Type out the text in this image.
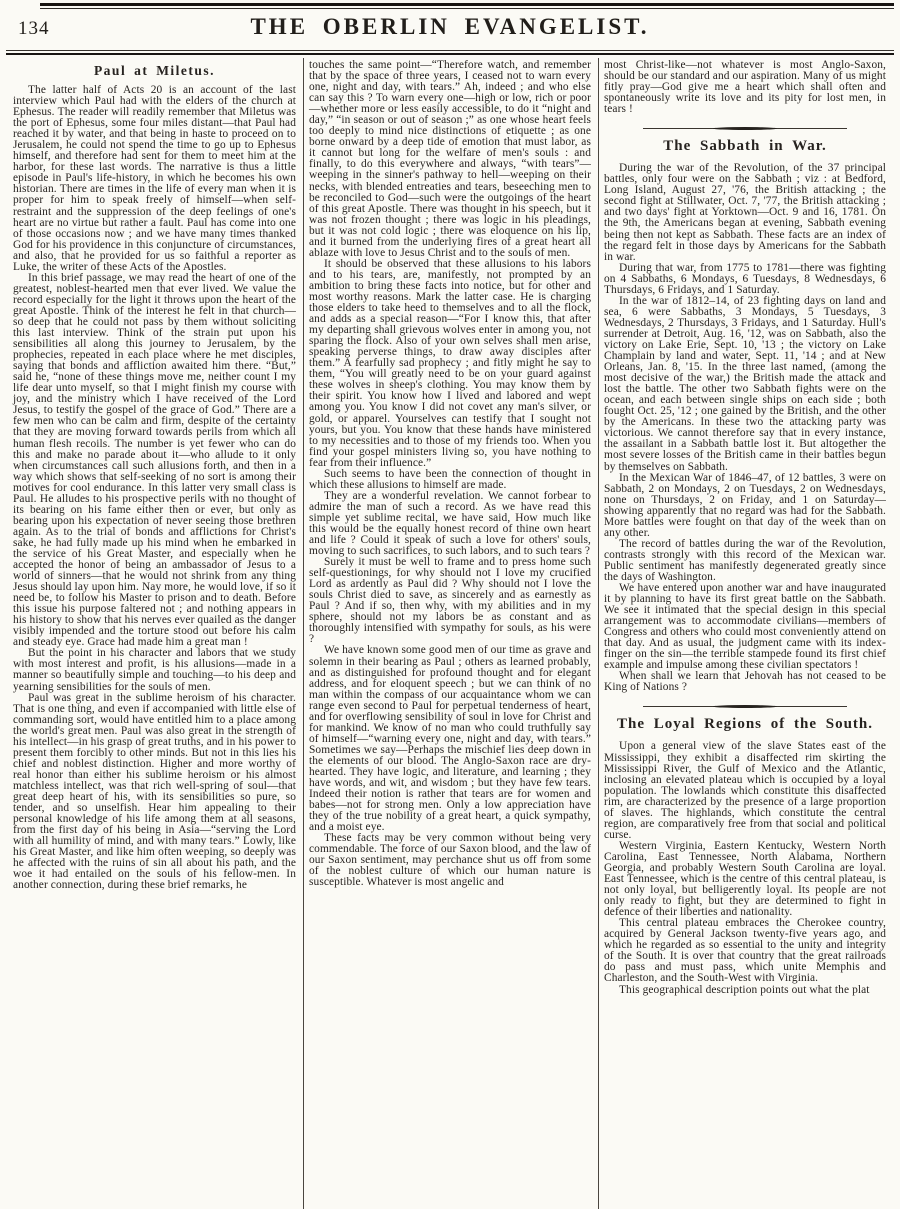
134	THE OBERLIN EVANGELIST.
Paul at Miletus.

The latter half of Acts 20 is an account of the last interview which Paul had with the elders of the church at Ephesus. The reader will readily remember that Miletus was the port of Ephesus, some four miles distant—that Paul had reached it by water, and that being in haste to proceed on to Jerusalem, he could not spend the time to go up to Ephesus himself, and therefore had sent for them to meet him at the harbor, for these last words. The narrative is thus a little episode in Paul's life-history, in which he becomes his own historian. There are times in the life of every man when it is proper for him to speak freely of himself—when self-restraint and the suppression of the deep feelings of one's heart are no virtue but rather a fault. Paul has come into one of those occasions now ; and we have many times thanked God for his providence in this conjuncture of circumstances, and also, that he provided for us so faithful a reporter as Luke, the writer of these Acts of the Apostles.

In this brief passage, we may read the heart of one of the greatest, noblest-hearted men that ever lived. We value the record especially for the light it throws upon the heart of the great Apostle. Think of the interest he felt in that church—so deep that he could not pass by them without soliciting this last interview. Think of the strain put upon his sensibilities all along this journey to Jerusalem, by the prophecies, repeated in each place where he met disciples, saying that bonds and affliction awaited him there. “But,” said he, “none of these things move me, neither count I my life dear unto myself, so that I might finish my course with joy, and the ministry which I have received of the Lord Jesus, to testify the gospel of the grace of God.” There are a few men who can be calm and firm, despite of the certainty that they are moving forward towards perils from which all human flesh recoils. The number is yet fewer who can do this and make no parade about it—who allude to it only when circumstances call such allusions forth, and then in a way which shows that self-seeking of no sort is among their motives for cool endurance. In this latter very small class is Paul. He alludes to his prospective perils with no thought of its bearing on his fame either then or ever, but only as bearing upon his expectation of never seeing those brethren again. As to the trial of bonds and afflictions for Christ's sake, he had fully made up his mind when he embarked in the service of his Great Master, and especially when he accepted the honor of being an ambassador of Jesus to a world of sinners—that he would not shrink from any thing Jesus should lay upon him. Nay more, he would love, if so it need be, to follow his Master to prison and to death. Before this issue his purpose faltered not ; and nothing appears in his history to show that his nerves ever quailed as the danger visibly impended and the torture stood out before his calm and steady eye. Grace had made him a great man !

But the point in his character and labors that we study with most interest and profit, is his allusions—made in a manner so beautifully simple and touching—to his deep and yearning sensibilities for the souls of men.

Paul was great in the sublime heroism of his character. That is one thing, and even if accompanied with little else of commanding sort, would have entitled him to a place among the world's great men. Paul was also great in the strength of his intellect—in his grasp of great truths, and in his power to present them forcibly to other minds. But not in this lies his chief and noblest distinction. Higher and more worthy of real honor than either his sublime heroism or his almost matchless intellect, was that rich well-spring of soul—that great deep heart of his, with its sensibilities so pure, so tender, and so unselfish. Hear him appealing to their personal knowledge of his life among them at all seasons, from the first day of his being in Asia—“serving the Lord with all humility of mind, and with many tears.” Lowly, like his Great Master, and like him often weeping, so deeply was he affected with the ruins of sin all about his path, and the woe it had entailed on the souls of his fellow-men. In another connection, during these brief remarks, he

touches the same point—“Therefore watch, and remember that by the space of three years, I ceased not to warn every one, night and day, with tears.” Ah, indeed ; and who else can say this ? To warn every one—high or low, rich or poor—whether more or less easily accessible, to do it “night and day,” “in season or out of season ;” as one whose heart feels too deeply to mind nice distinctions of etiquette ; as one borne onward by a deep tide of emotion that must labor, as it cannot but long for the welfare of men's souls : and finally, to do this everywhere and always, “with tears”—weeping in the sinner's pathway to hell—weeping on their necks, with blended entreaties and tears, beseeching men to be reconciled to God—such were the outgoings of the heart of this great Apostle. There was thought in his speech, but it was not frozen thought ; there was logic in his pleadings, but it was not cold logic ; there was eloquence on his lip, and it burned from the underlying fires of a great heart all ablaze with love to Jesus Christ and to the souls of men.

It should be observed that these allusions to his labors and to his tears, are, manifestly, not prompted by an ambition to bring these facts into notice, but for other and most worthy reasons. Mark the latter case. He is charging those elders to take heed to themselves and to all the flock, and adds as a special reason—“For I know this, that after my departing shall grievous wolves enter in among you, not sparing the flock. Also of your own selves shall men arise, speaking perverse things, to draw away disciples after them.” A fearfully sad prophecy ; and fitly might he say to them, “You will greatly need to be on your guard against these wolves in sheep's clothing. You may know them by their spirit. You know how I lived and labored and wept among you. You know I did not covet any man's silver, or gold, or apparel. Yourselves can testify that I sought not yours, but you. You know that these hands have ministered to my necessities and to those of my friends too. When you find your gospel ministers living so, you have nothing to fear from their influence.”

Such seems to have been the connection of thought in which these allusions to himself are made.

They are a wonderful revelation. We cannot forbear to admire the man of such a record. As we have read this simple yet sublime recital, we have said, How much like this would be the equally honest record of thine own heart and life ? Could it speak of such a love for others' souls, moving to such sacrifices, to such labors, and to such tears ?

Surely it must be well to frame and to press home such self-questionings, for why should not I love my crucified Lord as ardently as Paul did ? Why should not I love the souls Christ died to save, as sincerely and as earnestly as Paul ? And if so, then why, with my abilities and in my sphere, should not my labors be as constant and as thoroughly intensified with sympathy for souls, as his were ?

We have known some good men of our time as grave and solemn in their bearing as Paul ; others as learned probably, and as distinguished for profound thought and for elegant address, and for eloquent speech ; but we can think of no man within the compass of our acquaintance whom we can range even second to Paul for perpetual tenderness of heart, and for overflowing sensibility of soul in love for Christ and for mankind. We know of no man who could truthfully say of himself—“warning every one, night and day, with tears.” Sometimes we say—Perhaps the mischief lies deep down in the elements of our blood. The Anglo-Saxon race are dry-hearted. They have logic, and literature, and learning ; they have words, and wit, and wisdom ; but they have few tears. Indeed their notion is rather that tears are for women and babes—not for strong men. Only a low appreciation have they of the true nobility of a great heart, a quick sympathy, and a moist eye.

These facts may be very common without being very commendable. The force of our Saxon blood, and the law of our Saxon sentiment, may perchance shut us off from some of the noblest culture of which our human nature is susceptible. Whatever is most angelic and

most Christ-like—not whatever is most Anglo-Saxon, should be our standard and our aspiration. Many of us might fitly pray—God give me a heart which shall often and spontaneously write its love and its pity for lost men, in tears !

The Sabbath in War.

During the war of the Revolution, of the 37 principal battles, only four were on the Sabbath ; viz : at Bedford, Long Island, August 27, '76, the British attacking ; the second fight at Stillwater, Oct. 7, '77, the British attacking ; and two days' fight at Yorktown—Oct. 9 and 16, 1781. On the 9th, the Americans began at evening, Sabbath evening being then not kept as Sabbath. These facts are an index of the regard felt in those days by Americans for the Sabbath in war.

During that war, from 1775 to 1781—there was fighting on 4 Sabbaths, 6 Mondays, 6 Tuesdays, 8 Wednesdays, 6 Thursdays, 6 Fridays, and 1 Saturday.

In the war of 1812–14, of 23 fighting days on land and sea, 6 were Sabbaths, 3 Mondays, 5 Tuesdays, 3 Wednesdays, 2 Thursdays, 3 Fridays, and 1 Saturday. Hull's surrender at Detroit, Aug. 16, '12, was on Sabbath, also the victory on Lake Erie, Sept. 10, '13 ; the victory on Lake Champlain by land and water, Sept. 11, '14 ; and at New Orleans, Jan. 8, '15. In the three last named, (among the most decisive of the war,) the British made the attack and lost the battle. The other two Sabbath fights were on the ocean, and each between single ships on each side ; both fought Oct. 25, '12 ; one gained by the British, and the other by the Americans. In these two the attacking party was victorious. We cannot therefore say that in every instance, the assailant in a Sabbath battle lost it. But altogether the most severe losses of the British came in their battles begun by themselves on Sabbath.

In the Mexican War of 1846–47, of 12 battles, 3 were on Sabbath, 2 on Mondays, 2 on Tuesdays, 2 on Wednesdays, none on Thursdays, 2 on Friday, and 1 on Saturday—showing apparently that no regard was had for the Sabbath. More battles were fought on that day of the week than on any other.

The record of battles during the war of the Revolution, contrasts strongly with this record of the Mexican war. Public sentiment has manifestly degenerated greatly since the days of Washington.

We have entered upon another war and have inaugurated it by planning to have its first great battle on the Sabbath. We see it intimated that the special design in this special arrangement was to accommodate civilians—members of Congress and others who could most conveniently attend on that day. And as usual, the judgment came with its index-finger on the sin—the terrible stampede found its first chief example and impulse among these civilian spectators !

When shall we learn that Jehovah has not ceased to be King of Nations ?

The Loyal Regions of the South.

Upon a general view of the slave States east of the Mississippi, they exhibit a disaffected rim skirting the Mississippi River, the Gulf of Mexico and the Atlantic, inclosing an elevated plateau which is occupied by a loyal population. The lowlands which constitute this disaffected rim, are characterized by the presence of a large proportion of slaves. The highlands, which constitute the central region, are comparatively free from that social and political curse.

Western Virginia, Eastern Kentucky, Western North Carolina, East Tennessee, North Alabama, Northern Georgia, and probably Western South Carolina are loyal. East Tennessee, which is the centre of this central plateau, is not only loyal, but belligerently loyal. Its people are not only ready to fight, but they are determined to fight in defence of their liberties and nationality.

This central plateau embraces the Cherokee country, acquired by General Jackson twenty-five years ago, and which he regarded as so essential to the unity and integrity of the South. It is over that country that the great railroads do pass and must pass, which unite Memphis and Charleston, and the South-West with Virginia.

This geographical description points out what the plat
